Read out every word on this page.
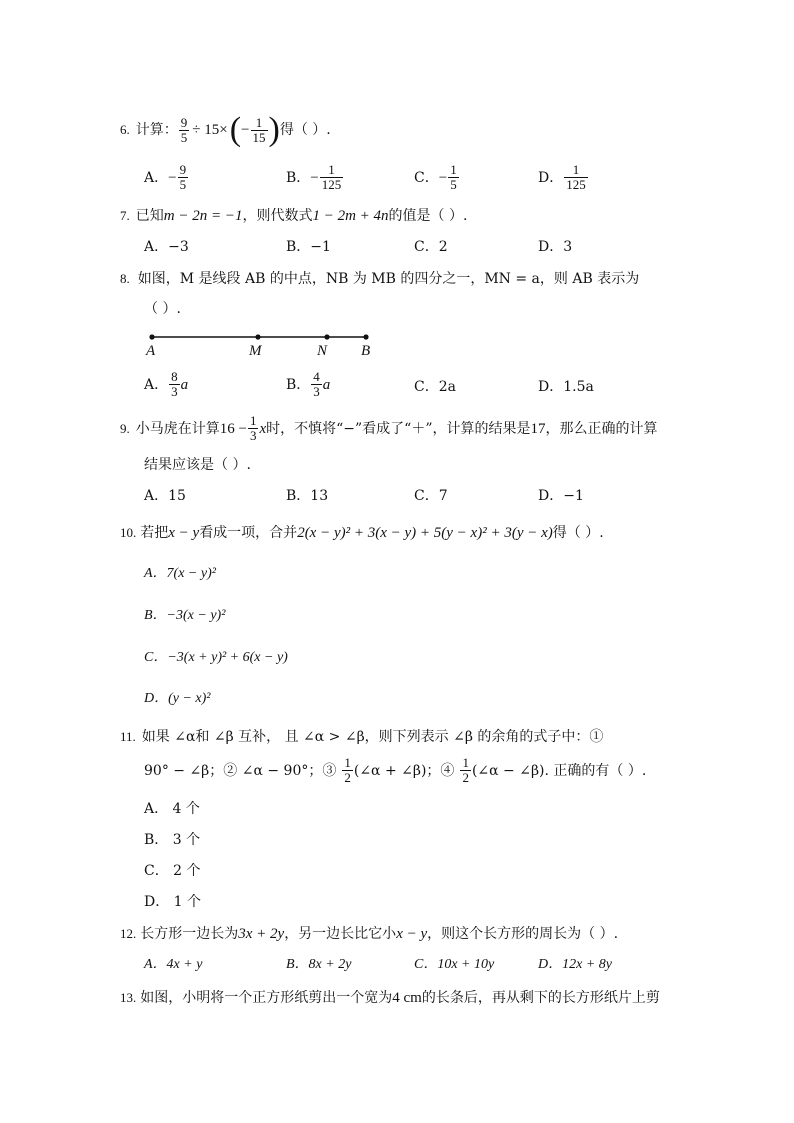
6. 计算： $\frac{9}{5} \div 15\times$ ( − $\frac{1}{15}$ ) 得（ ）.
A． − $\frac{9}{5}$	B． − $\frac{1}{125}$	C． − $\frac{1}{5}$	D． $\frac{1}{125}$
7. 已知m − 2n = −1，则代数式1 − 2m + 4n的值是（ ）.
A．−3	B．−1	C．2	D．3
8. 如图，M 是线段 AB 的中点，NB 为 MB 的四分之一，MN = a，则 AB 表示为
（ ）.
A	M	N B
A． $\frac{8}{3}$ a	B． $\frac{4}{3}$ a	C．2a	D．1.5a
9. 小马虎在计算 $16 - \frac{1}{3}$ x 时，不慎将“−”看成了“＋”，计算的结果是 17 ，那么正确的计算
结果应该是（ ）.
A．15	B．13	C．7	D．−1
10. 若把x − y看成一项，合并2(x − y)² + 3(x − y) + 5(y − x)² + 3(y − x)得（ ）.
A．7(x − y)²
B．−3(x − y)²
C．−3(x + y)² + 6(x − y)
D．(y − x)²
11. 如果 ∠α和 ∠β 互补， 且 ∠α > ∠β，则下列表示 ∠β 的余角的式子中：①
90° − ∠β；② ∠α − 90°；③ $\frac{1}{2}$ (∠α + ∠β)；④ $\frac{1}{2}$ (∠α − ∠β). 正确的有（ ）.
A． 4 个
B． 3 个
C． 2 个
D． 1 个
12. 长方形一边长为3x + 2y，另一边长比它小x − y，则这个长方形的周长为（ ）.
A．4x + y	B．8x + 2y	C．10x + 10y	D．12x + 8y
13. 如图，小明将一个正方形纸剪出一个宽为4 cm的长条后，再从剩下的长方形纸片上剪
